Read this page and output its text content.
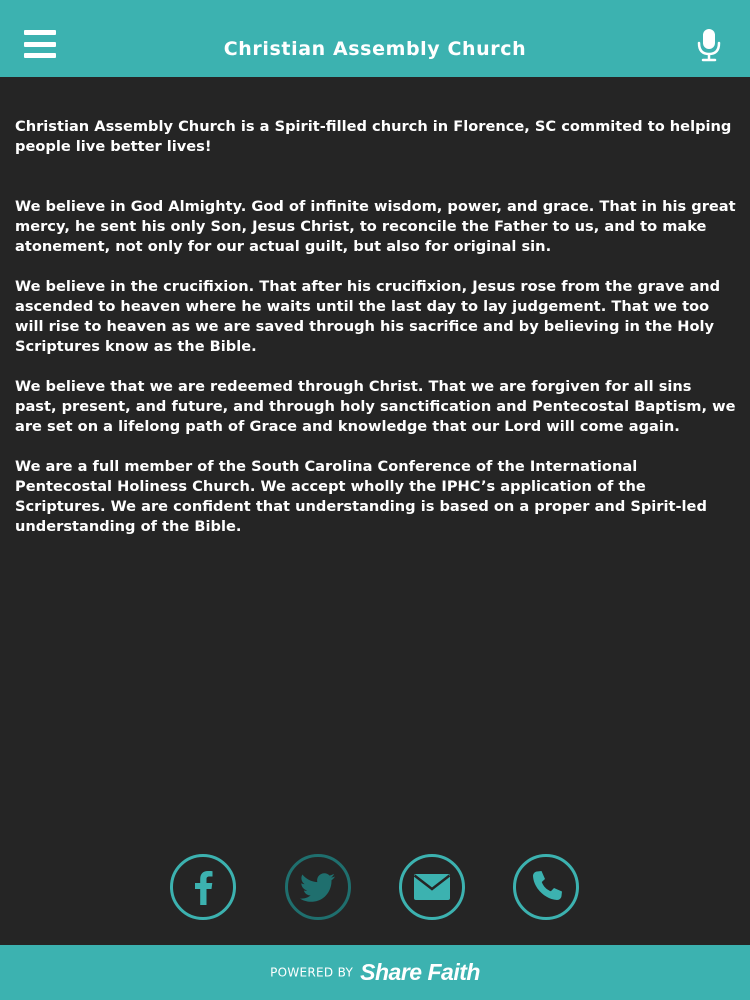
Christian Assembly Church

Christian Assembly Church is a Spirit-filled church in Florence, SC commited to helping people live better lives!

We believe in God Almighty. God of infinite wisdom, power, and grace. That in his great mercy, he sent his only Son, Jesus Christ, to reconcile the Father to us, and to make atonement, not only for our actual guilt, but also for original sin.

We believe in the crucifixion. That after his crucifixion, Jesus rose from the grave and ascended to heaven where he waits until the last day to lay judgement. That we too will rise to heaven as we are saved through his sacrifice and by believing in the Holy Scriptures know as the Bible.

We believe that we are redeemed through Christ. That we are forgiven for all sins past, present, and future, and through holy sanctification and Pentecostal Baptism, we are set on a lifelong path of Grace and knowledge that our Lord will come again.

We are a full member of the South Carolina Conference of the International Pentecostal Holiness Church. We accept wholly the IPHC’s application of the Scriptures. We are confident that understanding is based on a proper and Spirit-led understanding of the Bible.

POWERED BY Share Faith
